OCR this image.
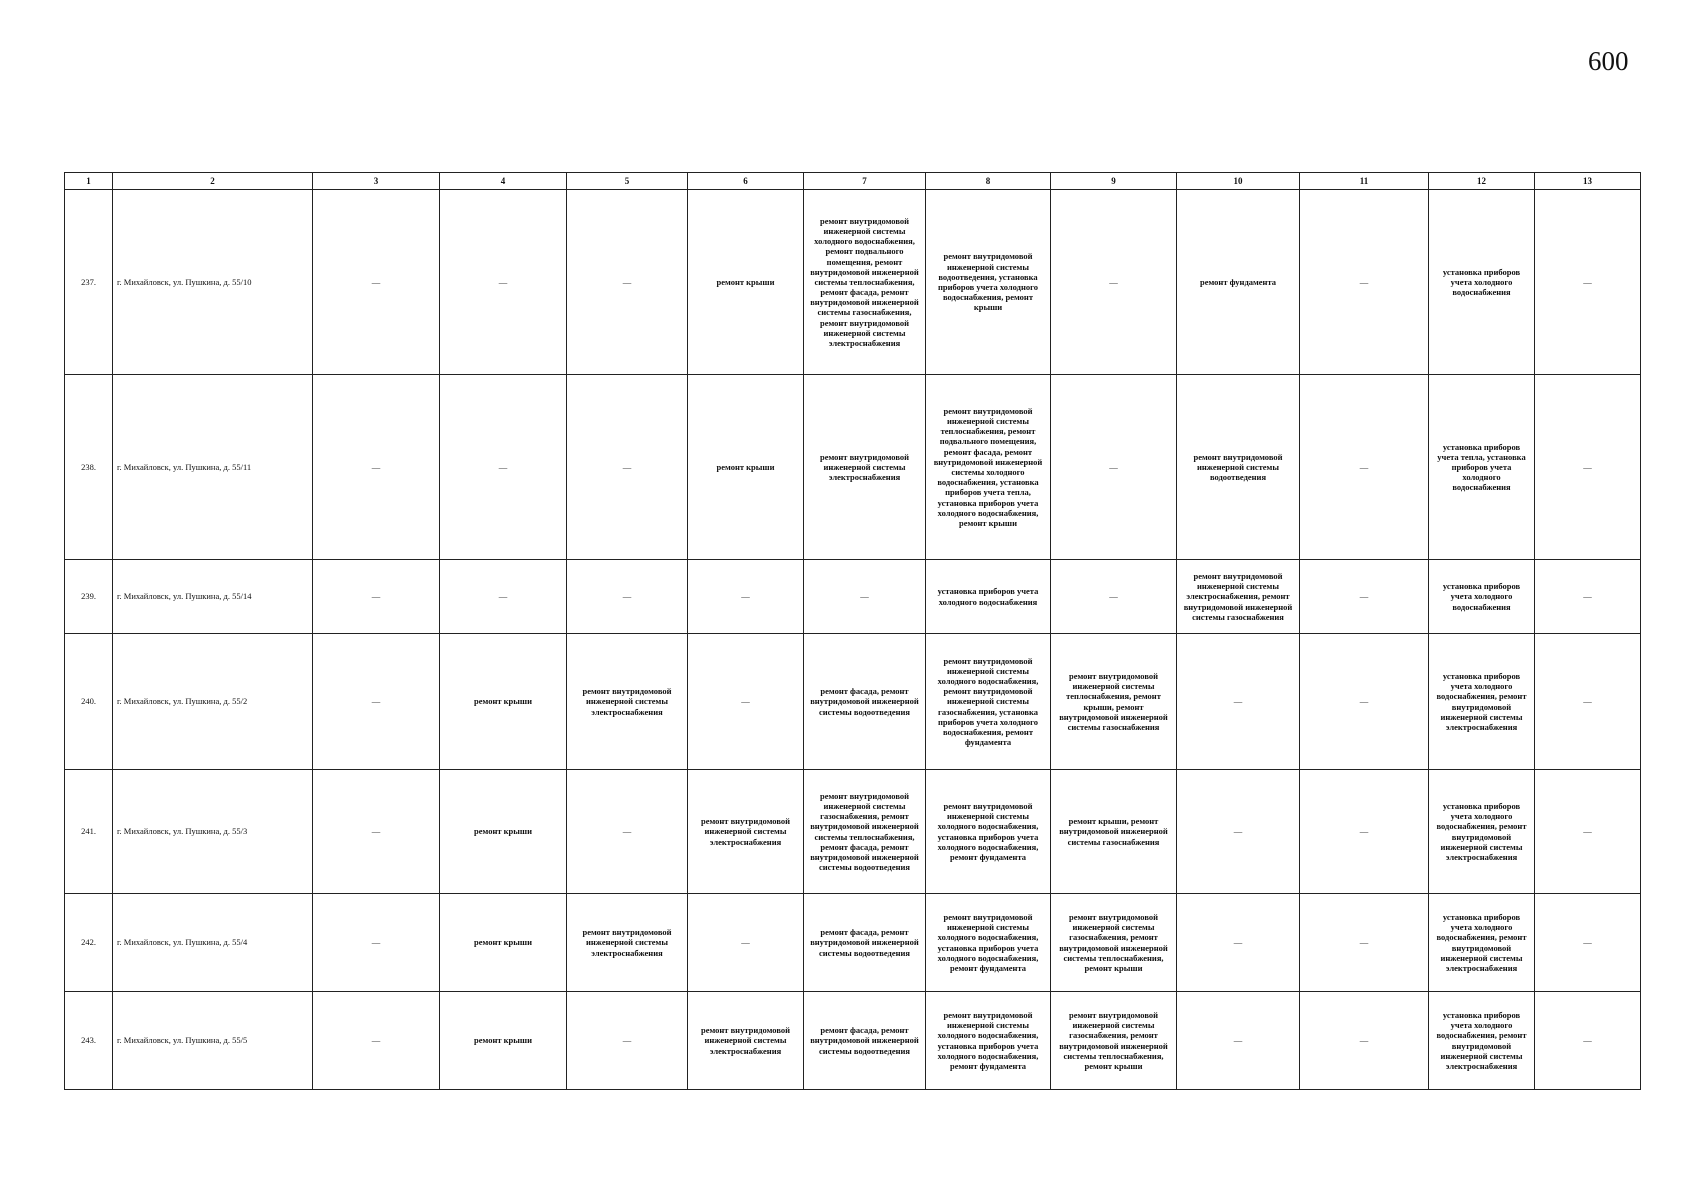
600
1	2	3	4	5	6	7	8	9	10	11	12	13
237.	г. Михайловск, ул. Пушкина, д. 55/10	—	—	—	ремонт крыши	ремонт внутридомовой инженерной системы холодного водоснабжения, ремонт подвального помещения, ремонт внутридомовой инженерной системы теплоснабжения, ремонт фасада, ремонт внутридомовой инженерной системы газоснабжения, ремонт внутридомовой инженерной системы электроснабжения	ремонт внутридомовой инженерной системы водоотведения, установка приборов учета холодного водоснабжения, ремонт крыши	—	ремонт фундамента	—	установка приборов учета холодного водоснабжения	—
238.	г. Михайловск, ул. Пушкина, д. 55/11	—	—	—	ремонт крыши	ремонт внутридомовой инженерной системы электроснабжения	ремонт внутридомовой инженерной системы теплоснабжения, ремонт подвального помещения, ремонт фасада, ремонт внутридомовой инженерной системы холодного водоснабжения, установка приборов учета тепла, установка приборов учета холодного водоснабжения, ремонт крыши	—	ремонт внутридомовой инженерной системы водоотведения	—	установка приборов учета тепла, установка приборов учета холодного водоснабжения	—
239.	г. Михайловск, ул. Пушкина, д. 55/14	—	—	—	—	—	установка приборов учета холодного водоснабжения	—	ремонт внутридомовой инженерной системы электроснабжения, ремонт внутридомовой инженерной системы газоснабжения	—	установка приборов учета холодного водоснабжения	—
240.	г. Михайловск, ул. Пушкина, д. 55/2	—	ремонт крыши	ремонт внутридомовой инженерной системы электроснабжения	—	ремонт фасада, ремонт внутридомовой инженерной системы водоотведения	ремонт внутридомовой инженерной системы холодного водоснабжения, ремонт внутридомовой инженерной системы газоснабжения, установка приборов учета холодного водоснабжения, ремонт фундамента	ремонт внутридомовой инженерной системы теплоснабжения, ремонт крыши, ремонт внутридомовой инженерной системы газоснабжения	—	—	установка приборов учета холодного водоснабжения, ремонт внутридомовой инженерной системы электроснабжения	—
241.	г. Михайловск, ул. Пушкина, д. 55/3	—	ремонт крыши	—	ремонт внутридомовой инженерной системы электроснабжения	ремонт внутридомовой инженерной системы газоснабжения, ремонт внутридомовой инженерной системы теплоснабжения, ремонт фасада, ремонт внутридомовой инженерной системы водоотведения	ремонт внутридомовой инженерной системы холодного водоснабжения, установка приборов учета холодного водоснабжения, ремонт фундамента	ремонт крыши, ремонт внутридомовой инженерной системы газоснабжения	—	—	установка приборов учета холодного водоснабжения, ремонт внутридомовой инженерной системы электроснабжения	—
242.	г. Михайловск, ул. Пушкина, д. 55/4	—	ремонт крыши	ремонт внутридомовой инженерной системы электроснабжения	—	ремонт фасада, ремонт внутридомовой инженерной системы водоотведения	ремонт внутридомовой инженерной системы холодного водоснабжения, установка приборов учета холодного водоснабжения, ремонт фундамента	ремонт внутридомовой инженерной системы газоснабжения, ремонт внутридомовой инженерной системы теплоснабжения, ремонт крыши	—	—	установка приборов учета холодного водоснабжения, ремонт внутридомовой инженерной системы электроснабжения	—
243.	г. Михайловск, ул. Пушкина, д. 55/5	—	ремонт крыши	—	ремонт внутридомовой инженерной системы электроснабжения	ремонт фасада, ремонт внутридомовой инженерной системы водоотведения	ремонт внутридомовой инженерной системы холодного водоснабжения, установка приборов учета холодного водоснабжения, ремонт фундамента	ремонт внутридомовой инженерной системы газоснабжения, ремонт внутридомовой инженерной системы теплоснабжения, ремонт крыши	—	—	установка приборов учета холодного водоснабжения, ремонт внутридомовой инженерной системы электроснабжения	—
